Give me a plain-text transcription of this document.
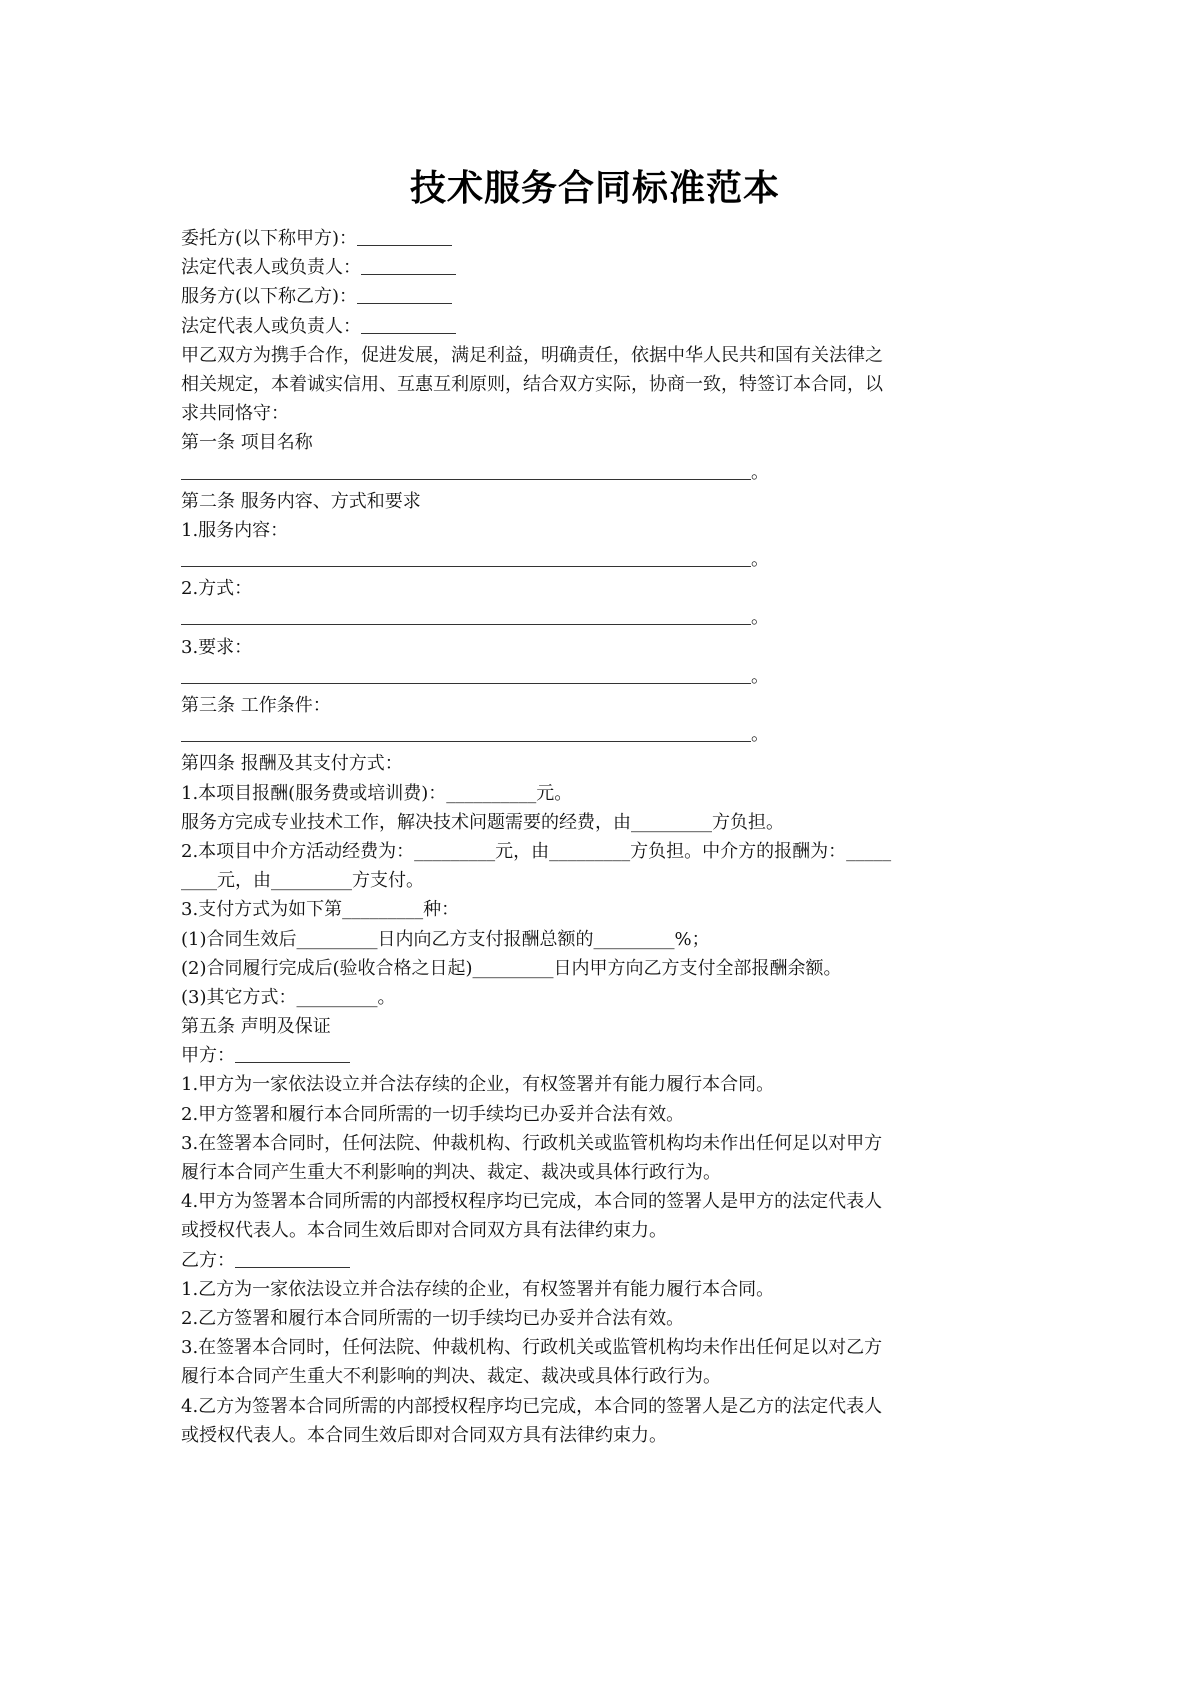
技术服务合同标准范本
委托方(以下称甲方)：
法定代表人或负责人：
服务方(以下称乙方)：
法定代表人或负责人：
甲乙双方为携手合作，促进发展，满足利益，明确责任，依据中华人民共和国有关法律之
相关规定，本着诚实信用、互惠互利原则，结合双方实际，协商一致，特签订本合同，以
求共同恪守：
第一条 项目名称
。
第二条 服务内容、方式和要求
1.服务内容：
。
2.方式：
。
3.要求：
。
第三条 工作条件：
。
第四条 报酬及其支付方式：
1.本项目报酬(服务费或培训费)：__________元。
服务方完成专业技术工作，解决技术问题需要的经费，由_________方负担。
2.本项目中介方活动经费为：_________元，由_________方负担。中介方的报酬为：_____
____元，由_________方支付。
3.支付方式为如下第_________种：
(1)合同生效后_________日内向乙方支付报酬总额的_________%；
(2)合同履行完成后(验收合格之日起)_________日内甲方向乙方支付全部报酬余额。
(3)其它方式：_________。
第五条 声明及保证
甲方：
1.甲方为一家依法设立并合法存续的企业，有权签署并有能力履行本合同。
2.甲方签署和履行本合同所需的一切手续均已办妥并合法有效。
3.在签署本合同时，任何法院、仲裁机构、行政机关或监管机构均未作出任何足以对甲方
履行本合同产生重大不利影响的判决、裁定、裁决或具体行政行为。
4.甲方为签署本合同所需的内部授权程序均已完成，本合同的签署人是甲方的法定代表人
或授权代表人。本合同生效后即对合同双方具有法律约束力。
乙方：
1.乙方为一家依法设立并合法存续的企业，有权签署并有能力履行本合同。
2.乙方签署和履行本合同所需的一切手续均已办妥并合法有效。
3.在签署本合同时，任何法院、仲裁机构、行政机关或监管机构均未作出任何足以对乙方
履行本合同产生重大不利影响的判决、裁定、裁决或具体行政行为。
4.乙方为签署本合同所需的内部授权程序均已完成，本合同的签署人是乙方的法定代表人
或授权代表人。本合同生效后即对合同双方具有法律约束力。
